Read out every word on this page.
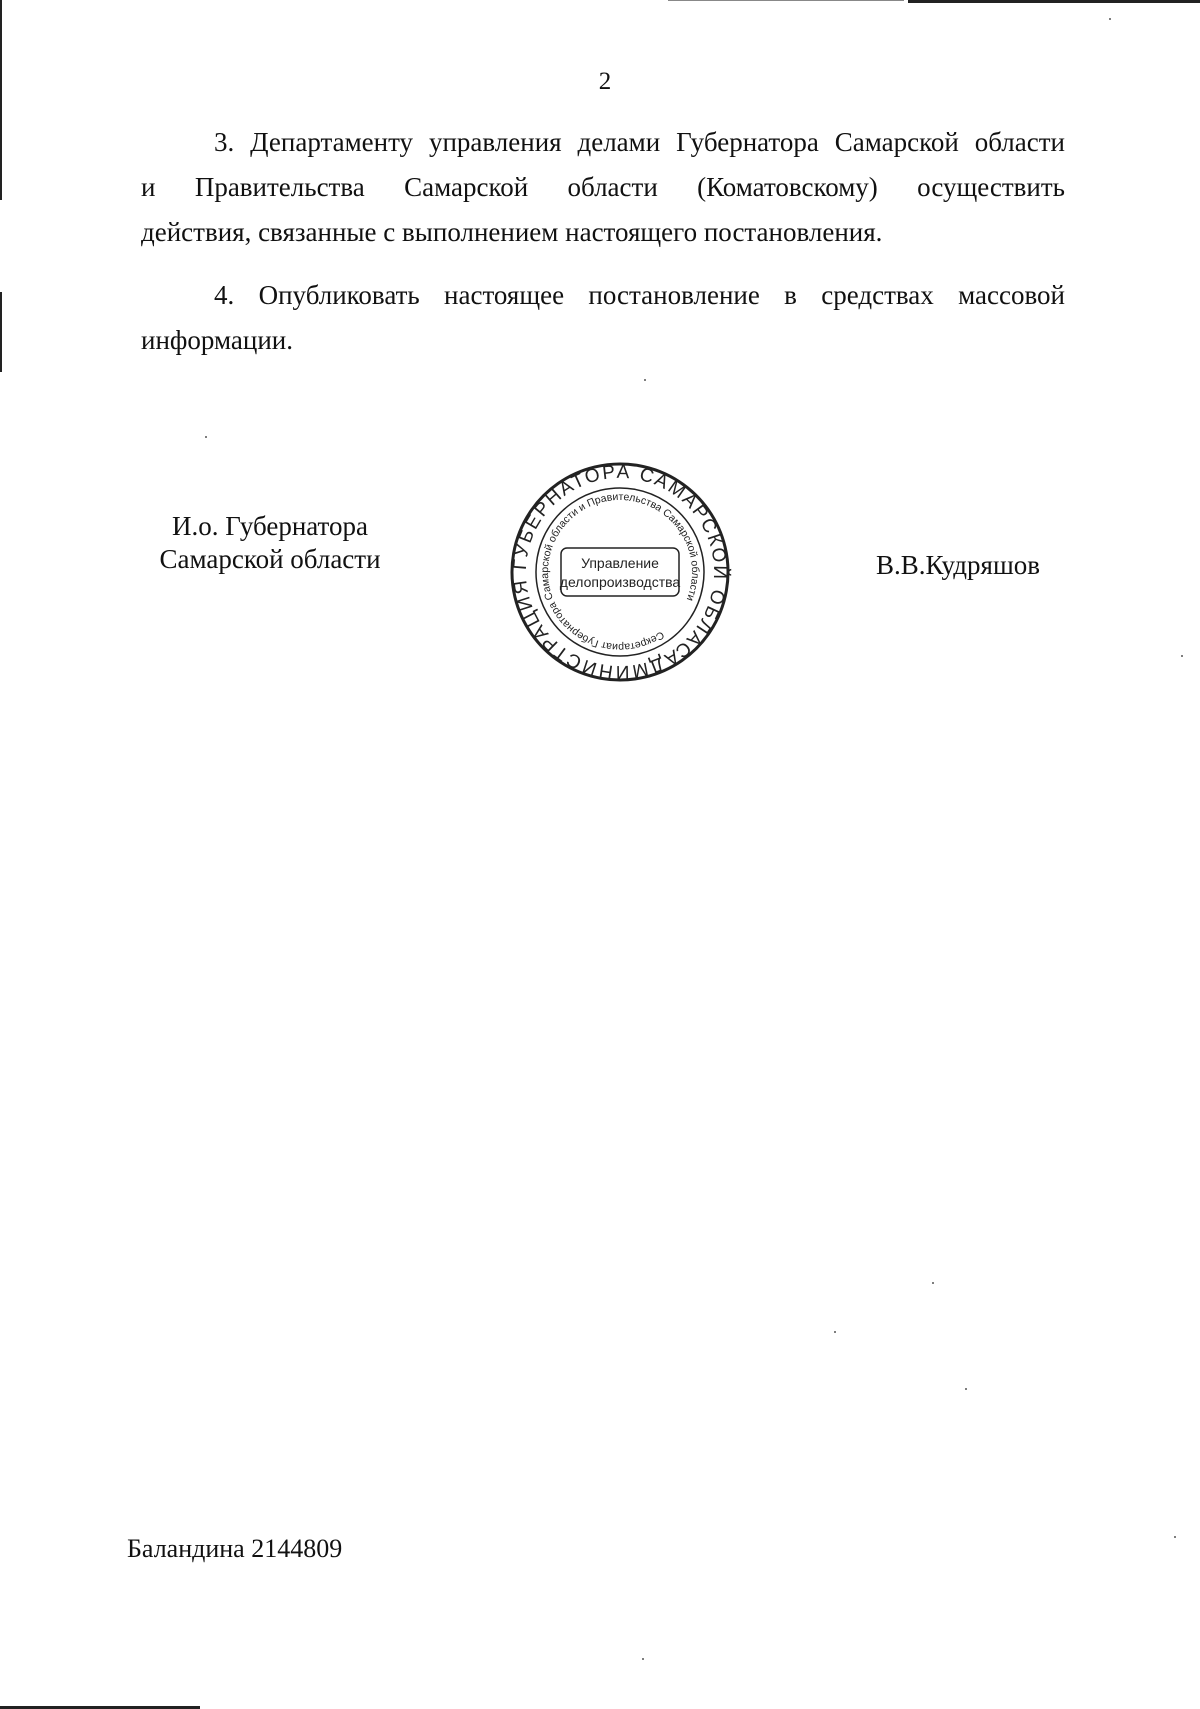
2

3. Департаменту управления делами Губернатора Самарской области
и Правительства Самарской области (Коматовскому) осуществить
действия, связанные с выполнением настоящего постановления.

4. Опубликовать настоящее постановление в средствах массовой
информации.

И.о. Губернатора
Самарской области
АДМИНИСТРАЦИЯ ГУБЕРНАТОРА САМАРСКОЙ ОБЛАСТИ
Секретариат Губернатора Самарской области и Правительства Самарской области
Управление
делопроизводства
В.В.Кудряшов
Баландина 2144809
